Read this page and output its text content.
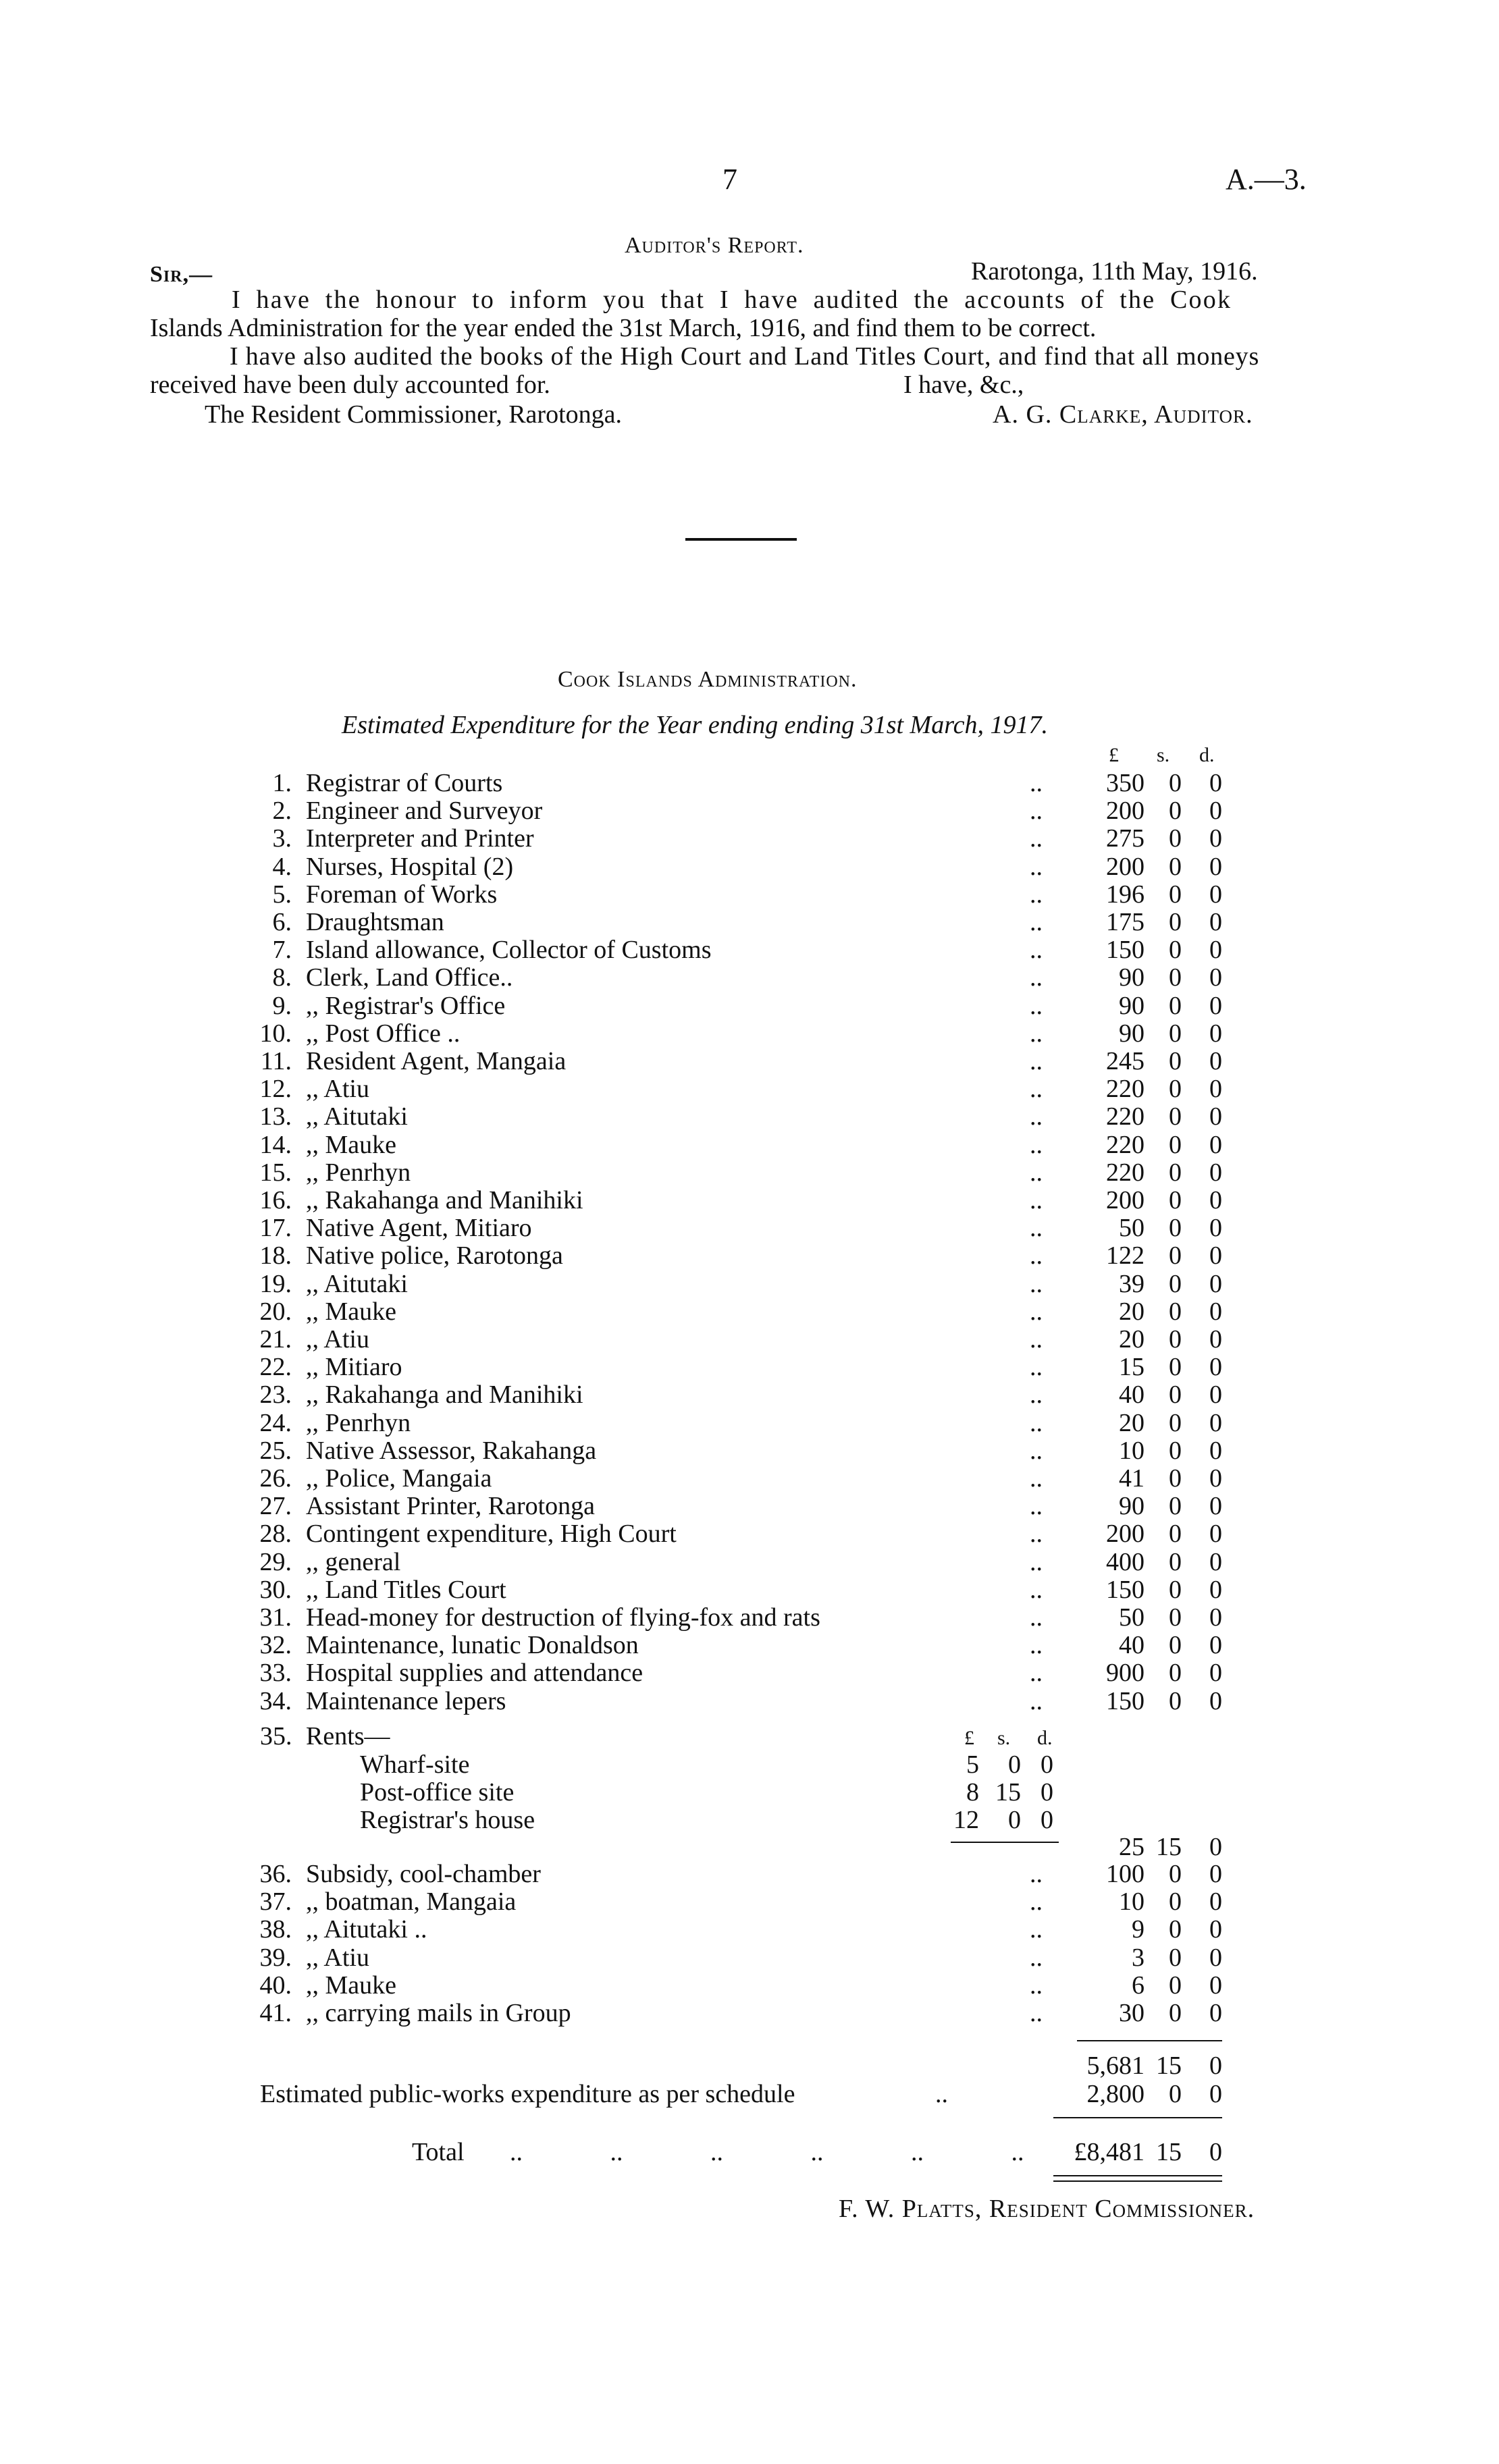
7	A.—3.
Auditor's Report.
Sir,—	Rarotonga, 11th May, 1916.
I have the honour to inform you that I have audited the accounts of the Cook
Islands Administration for the year ended the 31st March, 1916, and find them to be correct.
I have also audited the books of the High Court and Land Titles Court, and find that all moneys
received have been duly accounted for.	I have, &c.,
The Resident Commissioner, Rarotonga.	A. G. Clarke, Auditor.
Cook Islands Administration.
Estimated Expenditure for the Year ending ending 31st March, 1917.
£ s. d.
1. Registrar of Courts	..	350 0	0
2. Engineer and Surveyor	..	200 0	0
3. Interpreter and Printer	..	275 0	0
4. Nurses, Hospital (2)	..	200 0	0
5. Foreman of Works	..	196 0	0
6. Draughtsman	..	175 0	0
7. Island allowance, Collector of Customs	..	150 0	0
8. Clerk, Land Office..	..	90 0	0
9. ,, Registrar's Office	..	90 0	0
10. ,, Post Office ..	..	90 0	0
11. Resident Agent, Mangaia	..	245 0	0
12. ,, Atiu	..	220 0	0
13. ,, Aitutaki	..	220 0	0
14. ,, Mauke	..	220 0	0
15. ,, Penrhyn	..	220 0	0
16. ,, Rakahanga and Manihiki	..	200 0	0
17. Native Agent, Mitiaro	..	50 0	0
18. Native police, Rarotonga	..	122 0	0
19. ,, Aitutaki	..	39 0	0
20. ,, Mauke	..	20 0	0
21. ,, Atiu	..	20 0	0
22. ,, Mitiaro	..	15 0	0
23. ,, Rakahanga and Manihiki	..	40 0	0
24. ,, Penrhyn	..	20 0	0
25. Native Assessor, Rakahanga	..	10 0	0
26. ,, Police, Mangaia	..	41 0	0
27. Assistant Printer, Rarotonga	..	90 0	0
28. Contingent expenditure, High Court	..	200 0	0
29. ,, general	..	400 0	0
30. ,, Land Titles Court	..	150 0	0
31. Head-money for destruction of flying-fox and rats	..	50 0	0
32. Maintenance, lunatic Donaldson	..	40 0	0
33. Hospital supplies and attendance	..	900 0	0
34. Maintenance lepers	..	150 0	0
35. Rents—	£ s. d.
Wharf-site	5	0 0
Post-office site	8 15 0
Registrar's house	12	0 0
25 15	0
36. Subsidy, cool-chamber	..	100 0	0
37. ,, boatman, Mangaia	..	10 0	0
38. ,, Aitutaki ..	..	9 0	0
39. ,, Atiu	..	3 0	0
40. ,, Mauke	..	6 0	0
41. ,, carrying mails in Group	..	30 0	0
5,681 15	0
Estimated public-works expenditure as per schedule	..	2,800 0	0
Total .. .. .. .. .. ..	£8,481 15	0
F. W. Platts, Resident Commissioner.
